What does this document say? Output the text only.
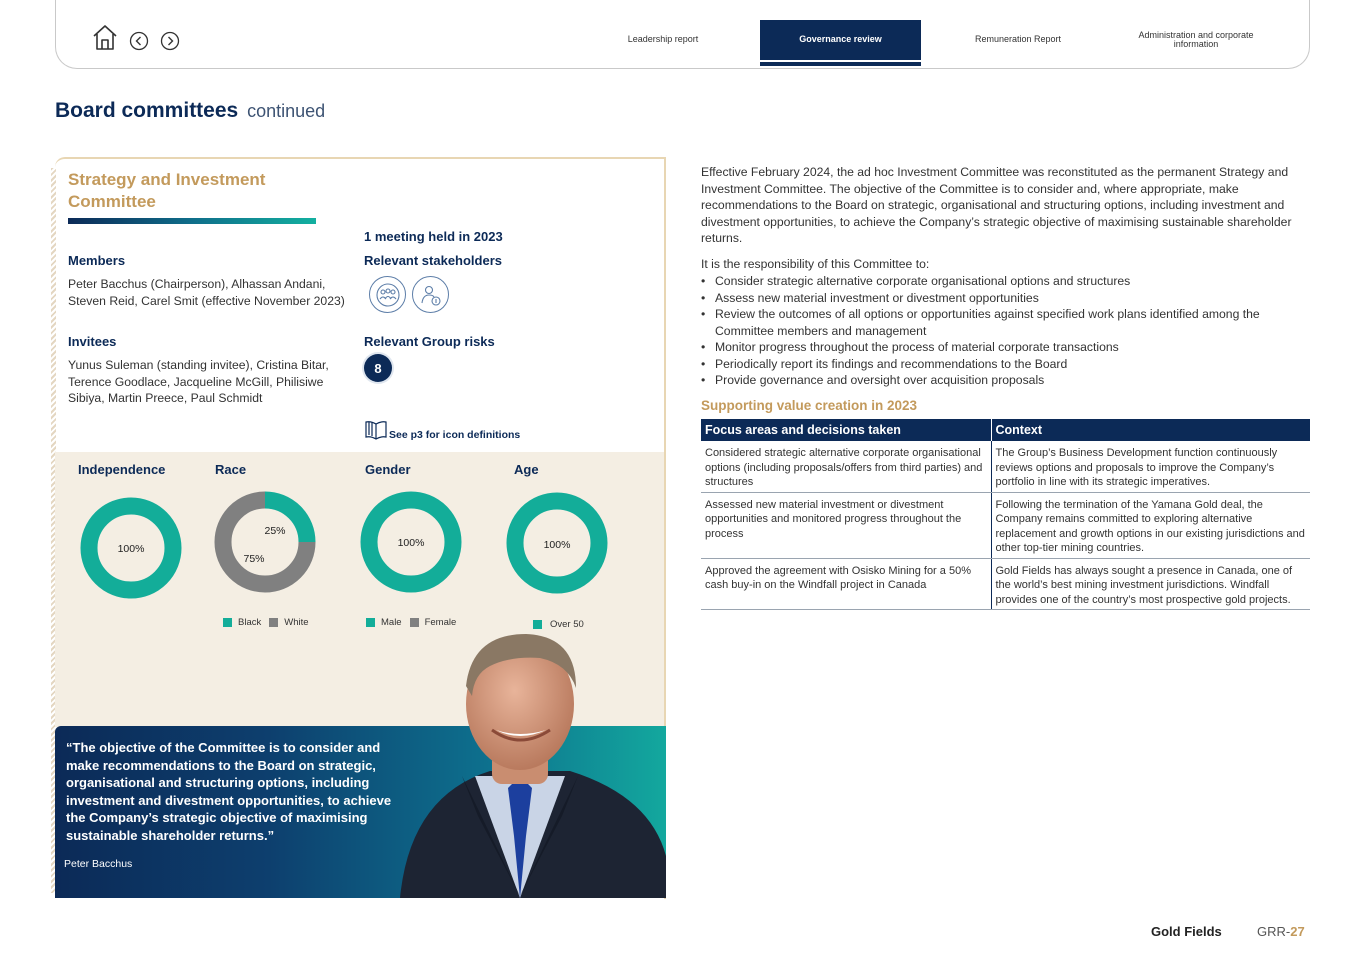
Leadership report	Governance review	Remuneration Report	Administration and corporate information
Board committees continued
Strategy and Investment Committee
1 meeting held in 2023
Members
Peter Bacchus (Chairperson), Alhassan Andani, Steven Reid, Carel Smit (effective November 2023)
Invitees
Yunus Suleman (standing invitee), Cristina Bitar, Terence Goodlace, Jacqueline McGill, Philisiwe Sibiya, Martin Preece, Paul Schmidt
Relevant stakeholders
Relevant Group risks
8
See p3 for icon definitions
Independence	Race	Gender	Age
100%
25%
75%
100%	100%
Black White	Male Female	Over 50
“The objective of the Committee is to consider and make recommendations to the Board on strategic, organisational and structuring options, including investment and divestment opportunities, to achieve the Company’s strategic objective of maximising sustainable shareholder returns.”
Peter Bacchus
Effective February 2024, the ad hoc Investment Committee was reconstituted as the permanent Strategy and Investment Committee. The objective of the Committee is to consider and, where appropriate, make recommendations to the Board on strategic, organisational and structuring options, including investment and divestment opportunities, to achieve the Company’s strategic objective of maximising sustainable shareholder returns.
It is the responsibility of this Committee to:
• Consider strategic alternative corporate organisational options and structures
• Assess new material investment or divestment opportunities
• Review the outcomes of all options or opportunities against specified work plans identified among the Committee members and management
• Monitor progress throughout the process of material corporate transactions
• Periodically report its findings and recommendations to the Board
• Provide governance and oversight over acquisition proposals
Supporting value creation in 2023
Focus areas and decisions taken	Context
Considered strategic alternative corporate organisational options (including proposals/offers from third parties) and structures	The Group’s Business Development function continuously reviews options and proposals to improve the Company’s portfolio in line with its strategic imperatives.
Assessed new material investment or divestment opportunities and monitored progress throughout the process	Following the termination of the Yamana Gold deal, the Company remains committed to exploring alternative replacement and growth options in our existing jurisdictions and other top-tier mining countries.
Approved the agreement with Osisko Mining for a 50% cash buy-in on the Windfall project in Canada	Gold Fields has always sought a presence in Canada, one of the world’s best mining investment jurisdictions. Windfall provides one of the country’s most prospective gold projects.
Gold Fields	GRR-27
